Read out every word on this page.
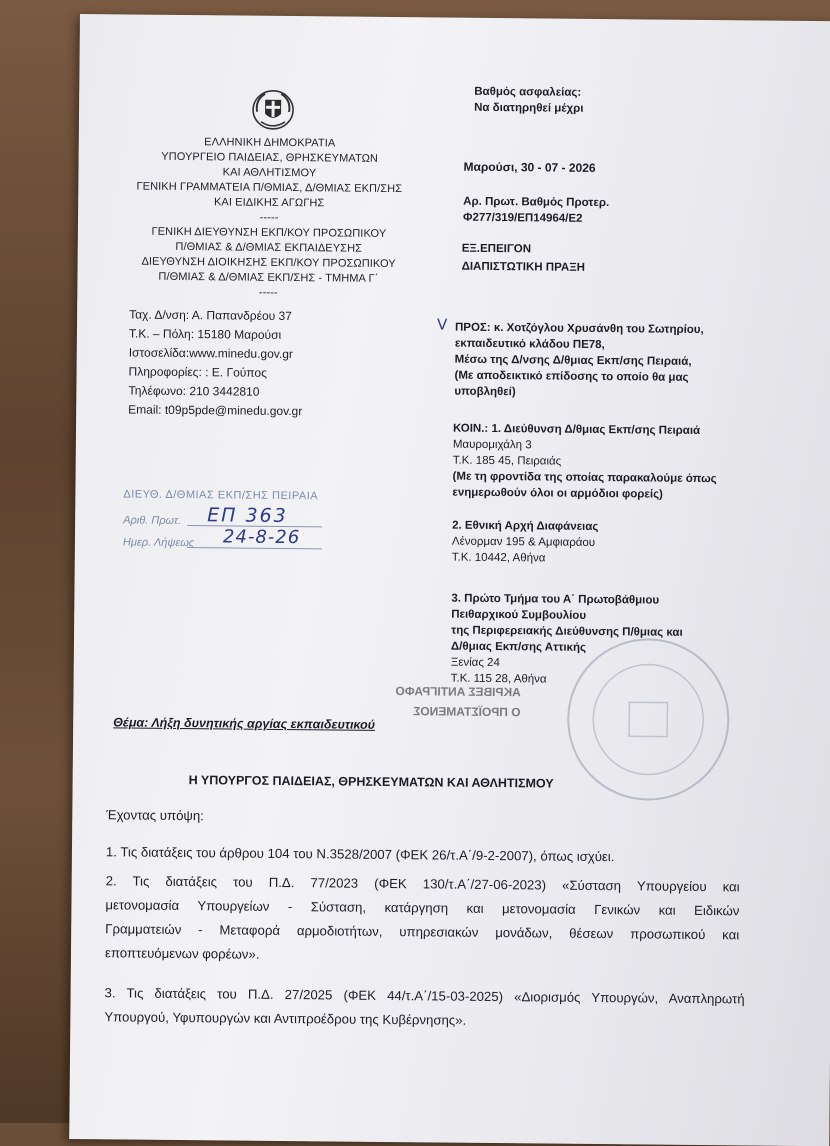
Βαθμός ασφαλείας:
Να διατηρηθεί μέχρι
ΕΛΛΗΝΙΚΗ ΔΗΜΟΚΡΑΤΙΑ
ΥΠΟΥΡΓΕΙΟ ΠΑΙΔΕΙΑΣ, ΘΡΗΣΚΕΥΜΑΤΩΝ
ΚΑΙ ΑΘΛΗΤΙΣΜΟΥ
ΓΕΝΙΚΗ ΓΡΑΜΜΑΤΕΙΑ Π/ΘΜΙΑΣ, Δ/ΘΜΙΑΣ ΕΚΠ/ΣΗΣ
ΚΑΙ ΕΙΔΙΚΗΣ ΑΓΩΓΗΣ
-----
ΓΕΝΙΚΗ ΔΙΕΥΘΥΝΣΗ ΕΚΠ/ΚΟΥ ΠΡΟΣΩΠΙΚΟΥ
Π/ΘΜΙΑΣ & Δ/ΘΜΙΑΣ ΕΚΠΑΙΔΕΥΣΗΣ
ΔΙΕΥΘΥΝΣΗ ΔΙΟΙΚΗΣΗΣ ΕΚΠ/ΚΟΥ ΠΡΟΣΩΠΙΚΟΥ
Π/ΘΜΙΑΣ & Δ/ΘΜΙΑΣ ΕΚΠ/ΣΗΣ - ΤΜΗΜΑ Γ΄
-----
Ταχ. Δ/νση: Α. Παπανδρέου 37
Τ.Κ. – Πόλη: 15180 Μαρούσι
Ιστοσελίδα:www.minedu.gov.gr
Πληροφορίες: : Ε. Γούπος
Τηλέφωνο: 210 3442810
Email: t09p5pde@minedu.gov.gr
Μαρούσι, 30 - 07 - 2026
Αρ. Πρωτ. Βαθμός Προτερ.
Φ277/319/ΕΠ14964/Ε2
ΕΞ.ΕΠΕΙΓΟΝ
ΔΙΑΠΙΣΤΩΤΙΚΗ ΠΡΑΞΗ
V ΠΡΟΣ: κ. Χοτζόγλου Χρυσάνθη του Σωτηρίου,
εκπαιδευτικό κλάδου ΠΕ78,
Μέσω της Δ/νσης Δ/θμιας Εκπ/σης Πειραιά,
(Με αποδεικτικό επίδοσης το οποίο θα μας
υποβληθεί)
ΚΟΙΝ.: 1. Διεύθυνση Δ/θμιας Εκπ/σης Πειραιά
Μαυρομιχάλη 3
Τ.Κ. 185 45, Πειραιάς
(Με τη φροντίδα της οποίας παρακαλούμε όπως
ενημερωθούν όλοι οι αρμόδιοι φορείς)
2. Εθνική Αρχή Διαφάνειας
Λένορμαν 195 & Αμφιαράου
Τ.Κ. 10442, Αθήνα
3. Πρώτο Τμήμα του Α΄ Πρωτοβάθμιου
Πειθαρχικού Συμβουλίου
της Περιφερειακής Διεύθυνσης Π/θμιας και
Δ/θμιας Εκπ/σης Αττικής
Ξενίας 24
Τ.Κ. 115 28, Αθήνα
ΔΙΕΥΘ. Δ/ΘΜΙΑΣ ΕΚΠ/ΣΗΣ ΠΕΙΡΑΙΑ
Αριθ. Πρωτ. ΕΠ 363
Ημερ. Λήψεως 24-8-26
ΑΚΡΙΒΕΣ ΑΝΤΙΓΡΑΦΟ
Ο ΠΡΟΪΣΤΑΜΕΝΟΣ
Θέμα: Λήξη δυνητικής αργίας εκπαιδευτικού
Η ΥΠΟΥΡΓΟΣ ΠΑΙΔΕΙΑΣ, ΘΡΗΣΚΕΥΜΑΤΩΝ ΚΑΙ ΑΘΛΗΤΙΣΜΟΥ
Έχοντας υπόψη:
1. Τις διατάξεις του άρθρου 104 του Ν.3528/2007 (ΦΕΚ 26/τ.Α΄/9-2-2007), όπως ισχύει.
2. Τις διατάξεις του Π.Δ. 77/2023 (ΦΕΚ 130/τ.Α΄/27-06-2023) «Σύσταση Υπουργείου και
μετονομασία Υπουργείων - Σύσταση, κατάργηση και μετονομασία Γενικών και Ειδικών
Γραμματειών - Μεταφορά αρμοδιοτήτων, υπηρεσιακών μονάδων, θέσεων προσωπικού και
εποπτευόμενων φορέων».
3. Τις διατάξεις του Π.Δ. 27/2025 (ΦΕΚ 44/τ.Α΄/15-03-2025) «Διορισμός Υπουργών, Αναπληρωτή
Υπουργού, Υφυπουργών και Αντιπροέδρου της Κυβέρνησης».
